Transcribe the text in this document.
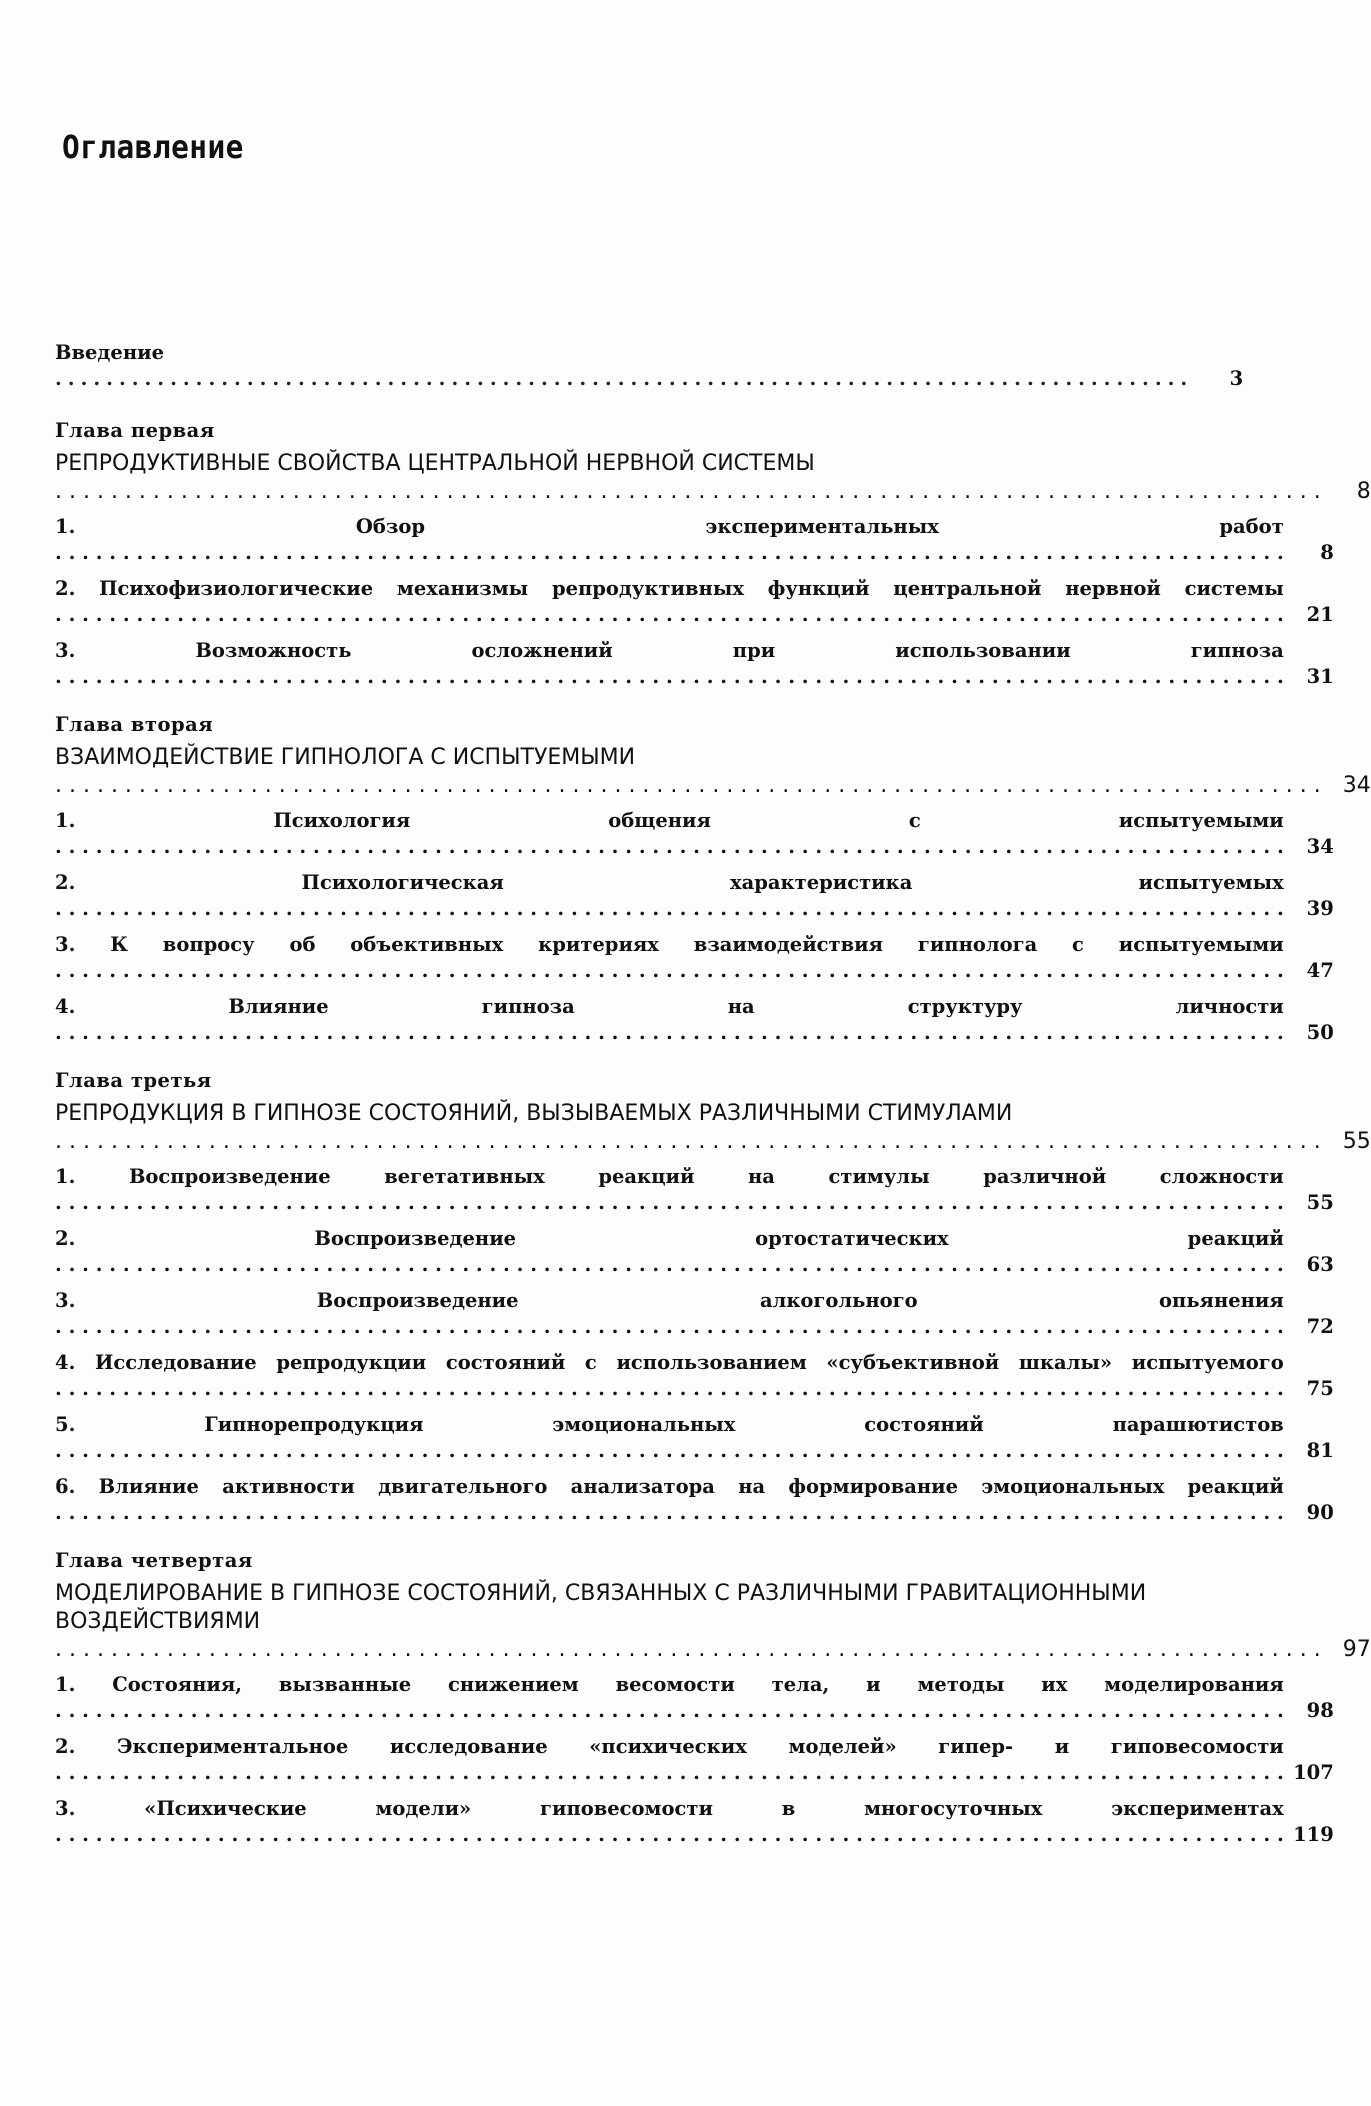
Оглавление
Введение .........................................................................................	3
Глава первая
РЕПРОДУКТИВНЫЕ СВОЙСТВА ЦЕНТРАЛЬНОЙ НЕРВНОЙ СИСТЕМЫ . . . . . . . . . . . . . . . . . . . . . . . . . . . . . . . . . . . . . . . . . . . . . . . . . . . . . . . . . . . . . . . . . . . . . . . . . . . . . . . . . . . . . . . . . . .	8
1. Обзор экспериментальных работ . . . . . . . . . . . . . . . . . . . . . . . . . . . . . . . . . . . . . . . . . . . . . . . . . . . . . . . . . . . . . . . . . . . . . . . . . . . . . . . . . . . . . . . . . . .	8
2. Психофизиологические механизмы репродуктивных функций центральной нервной системы . . . . . . . . . . . . . . . . . . . . . . . . . . . . . . . . . . . . . . . . . . . . . . . . . . . . . . . . . . . . . . . . . . . . . . . . . . . . . . . . . . . . . . . . . . .	21
3. Возможность осложнений при использовании гипноза . . . . . . . . . . . . . . . . . . . . . . . . . . . . . . . . . . . . . . . . . . . . . . . . . . . . . . . . . . . . . . . . . . . . . . . . . . . . . . . . . . . . . . . . . . .	31
Глава вторая
ВЗАИМОДЕЙСТВИЕ ГИПНОЛОГА С ИСПЫТУЕМЫМИ . . . . . . . . . . . . . . . . . . . . . . . . . . . . . . . . . . . . . . . . . . . . . . . . . . . . . . . . . . . . . . . . . . . . . . . . . . . . . . . . . . . . . . . . . . .	34
1. Психология общения с испытуемыми . . . . . . . . . . . . . . . . . . . . . . . . . . . . . . . . . . . . . . . . . . . . . . . . . . . . . . . . . . . . . . . . . . . . . . . . . . . . . . . . . . . . . . . . . . .	34
2. Психологическая характеристика испытуемых . . . . . . . . . . . . . . . . . . . . . . . . . . . . . . . . . . . . . . . . . . . . . . . . . . . . . . . . . . . . . . . . . . . . . . . . . . . . . . . . . . . . . . . . . . .	39
3. К вопросу об объективных критериях взаимодействия гипнолога с испытуемыми . . . . . . . . . . . . . . . . . . . . . . . . . . . . . . . . . . . . . . . . . . . . . . . . . . . . . . . . . . . . . . . . . . . . . . . . . . . . . . . . . . . . . . . . . . .	47
4. Влияние гипноза на структуру личности . . . . . . . . . . . . . . . . . . . . . . . . . . . . . . . . . . . . . . . . . . . . . . . . . . . . . . . . . . . . . . . . . . . . . . . . . . . . . . . . . . . . . . . . . . .	50
Глава третья
РЕПРОДУКЦИЯ В ГИПНОЗЕ СОСТОЯНИЙ, ВЫЗЫВАЕМЫХ РАЗЛИЧНЫМИ СТИМУЛАМИ . . . . . . . . . . . . . . . . . . . . . . . . . . . . . . . . . . . . . . . . . . . . . . . . . . . . . . . . . . . . . . . . . . . . . . . . . . . . . . . . . . . . . . . . . . .	55
1. Воспроизведение вегетативных реакций на стимулы различной сложности . . . . . . . . . . . . . . . . . . . . . . . . . . . . . . . . . . . . . . . . . . . . . . . . . . . . . . . . . . . . . . . . . . . . . . . . . . . . . . . . . . . . . . . . . . .	55
2. Воспроизведение ортостатических реакций . . . . . . . . . . . . . . . . . . . . . . . . . . . . . . . . . . . . . . . . . . . . . . . . . . . . . . . . . . . . . . . . . . . . . . . . . . . . . . . . . . . . . . . . . . .	63
3. Воспроизведение алкогольного опьянения . . . . . . . . . . . . . . . . . . . . . . . . . . . . . . . . . . . . . . . . . . . . . . . . . . . . . . . . . . . . . . . . . . . . . . . . . . . . . . . . . . . . . . . . . . .	72
4. Исследование репродукции состояний с использованием «субъективной шкалы» испытуемого . . . . . . . . . . . . . . . . . . . . . . . . . . . . . . . . . . . . . . . . . . . . . . . . . . . . . . . . . . . . . . . . . . . . . . . . . . . . . . . . . . . . . . . . . . .	75
5. Гипнорепродукция эмоциональных состояний парашютистов . . . . . . . . . . . . . . . . . . . . . . . . . . . . . . . . . . . . . . . . . . . . . . . . . . . . . . . . . . . . . . . . . . . . . . . . . . . . . . . . . . . . . . . . . . .	81
6. Влияние активности двигательного анализатора на формирование эмоциональных реакций . . . . . . . . . . . . . . . . . . . . . . . . . . . . . . . . . . . . . . . . . . . . . . . . . . . . . . . . . . . . . . . . . . . . . . . . . . . . . . . . . . . . . . . . . . .	90
Глава четвертая
МОДЕЛИРОВАНИЕ В ГИПНОЗЕ СОСТОЯНИЙ, СВЯЗАННЫХ С РАЗЛИЧНЫМИ ГРАВИТАЦИОННЫМИ ВОЗДЕЙСТВИЯМИ . . . . . . . . . . . . . . . . . . . . . . . . . . . . . . . . . . . . . . . . . . . . . . . . . . . . . . . . . . . . . . . . . . . . . . . . . . . . . . . . . . . . . . . . . . .	97
1. Состояния, вызванные снижением весомости тела, и методы их моделирования . . . . . . . . . . . . . . . . . . . . . . . . . . . . . . . . . . . . . . . . . . . . . . . . . . . . . . . . . . . . . . . . . . . . . . . . . . . . . . . . . . . . . . . . . . .	98
2. Экспериментальное исследование «психических моделей» гипер- и гиповесомости . . . . . . . . . . . . . . . . . . . . . . . . . . . . . . . . . . . . . . . . . . . . . . . . . . . . . . . . . . . . . . . . . . . . . . . . . . . . . . . . . . . . . . . . . . . 107
3. «Психические модели» гиповесомости в многосуточных экспериментах . . . . . . . . . . . . . . . . . . . . . . . . . . . . . . . . . . . . . . . . . . . . . . . . . . . . . . . . . . . . . . . . . . . . . . . . . . . . . . . . . . . . . . . . . . . 119
